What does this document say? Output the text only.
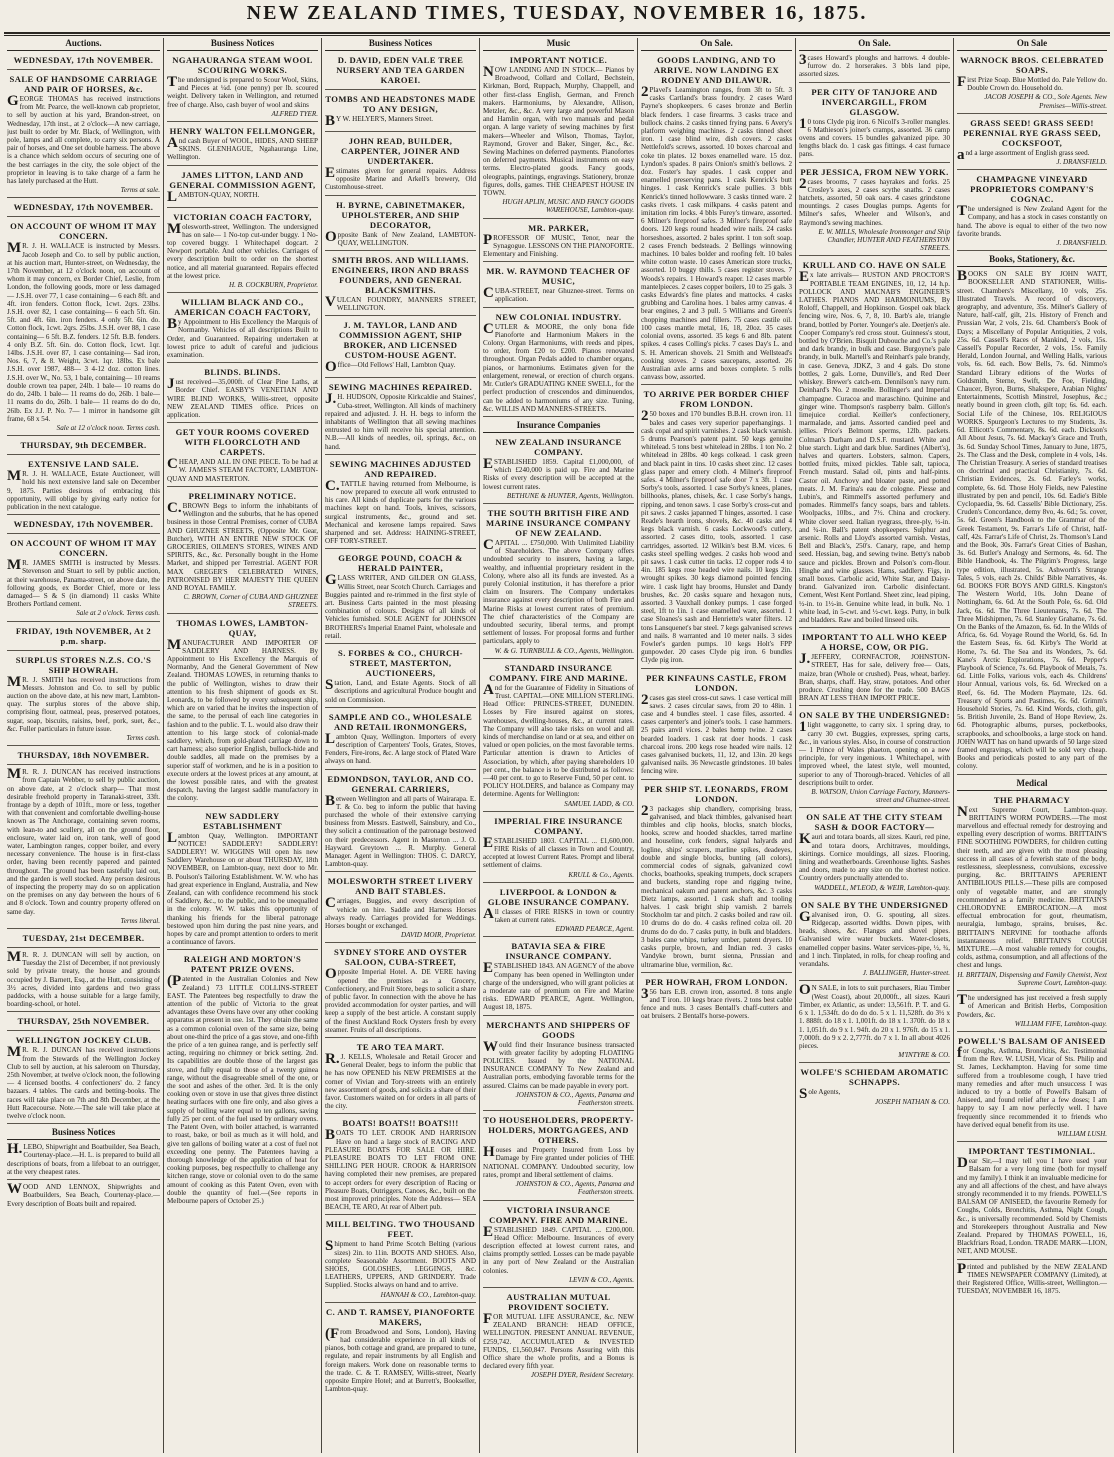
NEW ZEALAND TIMES, TUESDAY, NOVEMBER 16, 1875.
Auctions.
WEDNESDAY, 17th NOVEMBER.
SALE OF HANDSOME CARRIAGE AND PAIR OF HORSES, &c.
GEORGE THOMAS has received instructions from Mr. Pearce, the well-known cab proprietor, to sell by auction at his yard, Brandon-street, on Wednesday, 17th inst., at 2 o'clock—A new carriage, just built to order by Mr. Black, of Wellington, with pole, lamps and all complete, to carry six persons. A pair of horses, and One set double harness. The above is a chance which seldom occurs of securing one of the best carriages in the city, the sole object of the proprietor in leaving is to take charge of a farm he has lately purchased at the Hutt.
Terms at sale.
WEDNESDAY, 17th NOVEMBER.
ON ACCOUNT OF WHOM IT MAY CONCERN.
MR. J. H. WALLACE is instructed by Messrs. Jacob Joseph and Co. to sell by public auction, at his auction mart, Hunter-street, on Wednesday, the 17th November, at 12 o'clock noon, on account of whom it may concern, ex Border Chief, Leslie, from London, the following goods, more or less damaged— J.S.H. over 77, 1 case containing— 6 each 8ft. and 4ft. iron fenders. Cotton flock, 1cwt. 2qrs. 23lbs. J.S.H. over 82, 1 case containing— 6 each 5ft. 6in. 5ft. and 4ft. 6in. iron fenders. 4 only 5ft. 6in. do. Cotton flock, 1cwt. 2qrs. 25lbs. J.S.H. over 88, 1 case containing— 6 5ft. B.Z. fenders. 12 5ft. B.B. fenders. 4 only B.Z. 5ft. 6in. do. Cotton flock, 1cwt. 1qr. 14lbs. J.S.H. over 87, 1 case containing— Sad iron, Nos. 6, 7, & 8. Weight, 3cwt. 1qr. 18lbs. Ex bale J.S.H. over 1987, 488— 3 4-12 doz. cotton lines. J.S.H. over W., No. 53, 1 bale, containing— 10 reams double crown tea paper, 24lb. 1 bale— 10 reams do do do, 24lb. 1 bale— 11 reams do do, 26lb. 1 bale— 11 reams do do, 26lb. 1 bale— 11 reams do do do, 26lb. Ex J.J. P. No. 7— 1 mirror in handsome gilt frame, 68 x 54.
Sale at 12 o'clock noon. Terms cash.
THURSDAY, 9th DECEMBER.
EXTENSIVE LAND SALE.
MR. J. H. WALLACE, Estate Auctioneer, will hold his next extensive land sale on December 9, 1875. Parties desirous of embracing this opportunity, will oblige by giving early notice for publication in the next catalogue.
WEDNESDAY, 17th NOVEMBER.
ON ACCOUNT OF WHOM IT MAY CONCERN.
MR. JAMES SMITH is instructed by Messrs. Stevenson and Stuart to sell by public auction, at their warehouse, Panama-street, on above date, the following goods, ex Border Chief, more or less damaged— S & S (in diamond) 11 casks White Brothers Portland cement.
Sale at 2 o'clock. Terms cash.
FRIDAY, 19th NOVEMBER, At 2 p.m. sharp.
SURPLUS STORES N.Z.S. CO.'S SHIP HOWRAH.
MR. J. SMITH has received instructions from Messrs. Johnston and Co. to sell by public auction on the above date, at his new mart, Lambton-quay. The surplus stores of the above ship, comprising flour, oatmeal, peas, preserved potatoes, sugar, soap, biscuits, raisins, beef, pork, suet, &c., &c. Fuller particulars in future issue.
Terms cash.
THURSDAY, 18th NOVEMBER.
MR. R. J. DUNCAN has received instructions from Captain Webber, to sell by public auction, on above date, at 2 o'clock sharp— That most desirable freehold property in Taranaki-street, 33ft. frontage by a depth of 101ft., more or less, together with that convenient and comfortable dwelling-house known as The Anchorage, containing seven rooms, with lean-to and scullery, all on the ground floor, enclosure, water laid on, iron tank, well of good water, Lambington ranges, copper boiler, and every necessary convenience. The house is in first-class order, having been recently papered and painted throughout. The ground has been tastefully laid out, and the garden is well stocked. Any person desirous of inspecting the property may do so on application on the premises on any day between the hours of 6 and 8 o'clock. Town and country property offered on same day.
Terms liberal.
TUESDAY, 21st DECEMBER.
MR. R. J. DUNCAN will sell by auction, on Tuesday the 21st of December, if not previously sold by private treaty, the house and grounds occupied by J. Barnett, Esq., at the Hutt, consisting of 3½ acres, divided into gardens and two grass paddocks, with a house suitable for a large family, boarding-school, or hotel.
THURSDAY, 25th NOVEMBER.
WELLINGTON JOCKEY CLUB.
MR. R. J. DUNCAN has received instructions from the Stewards of the Wellington Jockey Club to sell by auction, at his saleroom on Thursday, 25th November, at twelve o'clock noon, the following— 4 licensed booths. 4 confectioners' do. 2 fancy bazaars. 4 tables. The cards and betting-books. The races will take place on 7th and 8th December, at the Hutt Racecourse. Note.—The sale will take place at twelve o'clock noon.
Business Notices
H.LEBO, Shipwright and Boatbuilder, Sea Beach, Courtenay-place.—H. L. is prepared to build all descriptions of boats, from a lifeboat to an outrigger, at the very cheapest rates.
WOOD AND LENNOX, Shipwrights and Boatbuilders, Sea Beach, Courtenay-place.—Every description of Boats built and repaired.
Business Notices
NGAHAURANGA STEAM WOOL SCOURING WORKS.
The undersigned is prepared to Scour Wool, Skins, and Pieces at ¼d. (one penny) per lb. scoured weight. Delivery taken in Wellington, and returned free of charge. Also, cash buyer of wool and skins
ALFRED TYER.
HENRY WALTON FELLMONGER,
And cash Buyer of WOOL, HIDES, AND SHEEP SKINS. GLENHAGUE, Ngahauranga Line, Wellington.
JAMES LITTON, LAND AND GENERAL COMMISSION AGENT,
LAMBTON-QUAY, NORTH.
VICTORIAN COACH FACTORY,
Molesworth-street, Wellington. The undersigned has on sale— 1 No-top cut-under buggy. 1 No-top covered buggy. 1 Whitechapel dogcart. 2 Newport portable. And other vehicles. Carriages of every description built to order on the shortest notice, and all material guaranteed. Repairs effected at the lowest price.
H. B. COCKBURN, Proprietor.
WILLIAM BLACK AND CO., AMERICAN COACH FACTORY,
By Appointment to His Excellency the Marquis of Normanby. Vehicles of all descriptions Built to Order, and Guaranteed. Repairing undertaken at lowest price to adult of careful and judicious examination.
BLINDS. BLINDS.
Just received—35,000ft. of Clear Pine Laths, at Border Chief. EASBY'S VENETIAN AND WIRE BLIND WORKS, Willis-street, opposite NEW ZEALAND TIMES office. Prices on application.
GET YOUR ROOMS COVERED WITH FLOORCLOTH AND CARPETS.
CHEAP, AND ALL IN ONE PIECE. To be had at W. JAMES'S STEAM FACTORY, LAMBTON-QUAY AND MASTERTON.
PRELIMINARY NOTICE.
C.BROWN Begs to inform the inhabitants of Wellington and the suburbs, that he has opened business in those Central Premises, corner of CUBA AND GHUZNEE STREETS, (Opposite Mr. Gear, Butcher), WITH AN ENTIRE NEW STOCK OF GROCERIES, OILMEN'S STORES, WINES AND SPIRITS, &c., &c. Personally bought in the Home Market, and shipped per Terrestrial. AGENT FOR MAX GREGER'S CELEBRATED WINES, PATRONISED BY HER MAJESTY THE QUEEN AND ROYAL FAMILY.
C. BROWN, Corner of CUBA AND GHUZNEE STREETS.
THOMAS LOWES, LAMBTON-QUAY,
MANUFACTURER AND IMPORTER OF SADDLERY AND HARNESS. By Appointment to His Excellency the Marquis of Normanby, And the General Government of New Zealand. THOMAS LOWES, in returning thanks to the public of Wellington, wishes to draw their attention to his fresh shipment of goods ex St. Leonards, to be followed by every subsequent ship, which are on varied that he invites the inspection of the same, to the perusal of each line categories in fashion and to the public. T. L. would also draw their attention to his large stock of colonial-made saddlery, which, from gold-plated carriage down to cart harness; also superior English, bullock-hide and double saddles, all made on the premises by a superior staff of workmen, and he is in a position to execute orders at the lowest prices at any amount, at the lowest possible rates, and with the greatest despatch, having the largest saddle manufactory in the colony.
NEW SADDLERY ESTABLISHMENT
Lambton Quay, Wellington. IMPORTANT NOTICE! SADDLERY! SADDLERY! SADDLERY! W. WIGGINS Will open his new Saddlery Warehouse on or about THURSDAY, 18th NOVEMBER, on Lambton-quay, next door to Mr. B. Poulson's Tailoring Establishment. W. W. who has had great experience in England, Australia, and New Zealand, can with confidence recommend his stock of Saddlery, &c., to the public, and to be unequalled in the colony. W. W. takes this opportunity of thanking his friends for the liberal patronage bestowed upon him during the past nine years, and hopes by care and prompt attention to orders to merit a continuance of favors.
RALEIGH AND MORTON'S PATENT PRIZE OVENS.
(Patented in the Australian Colonies and New Zealand.) 73 LITTLE COLLINS-STREET EAST. The Patentees beg respectfully to draw the attention of the public of Victoria to the great advantages these Ovens have over any other cooking apparatus at present in use. 1st. They obtain the same as a common colonial oven of the same size, being about one-third the price of a gas stove, and one-fifth the price of a ten guinea range, and is perfectly self acting, requiring no chimney or brick setting. 2nd. Its capabilities are double those of the largest gas stove, and fully equal to those of a twenty guinea range, without the disagreeable smell of the one, or the soot and ashes of the other. 3rd. It is the only cooking oven or stove in use that gives three distinct heating surfaces with one fire only, and also gives a supply of boiling water equal to ten gallons, saving fully 25 per cent. of the fuel used by ordinary ovens. The Patent Oven, with boiler attached, is warranted to roast, bake, or boil as much as it will hold, and give ten gallons of boiling water at a cost of fuel not exceeding one penny. The Patentees having a thorough knowledge of the application of heat for cooking purposes, beg respectfully to challenge any kitchen range, stove or colonial oven to do the same amount of cooking as this Patent Oven, even with double the quantity of fuel.—(See reports in Melbourne papers of October 25.)
Business Notices
D. DAVID, EDEN VALE TREE NURSERY AND TEA GARDEN KAROEI.
TOMBS AND HEADSTONES MADE TO ANY DESIGN,
BY W. HELYER'S, Manners Street.
JOHN READ, BUILDER, CARPENTER, JOINER AND UNDERTAKER.
Estimates given for general repairs. Address opposite Marine and Arkell's brewery, Old Customhouse-street.
H. BYRNE, CABINETMAKER, UPHOLSTERER, AND SHIP DECORATOR,
Opposite Bank of New Zealand, LAMBTON-QUAY, WELLINGTON.
SMITH BROS. AND WILLIAMS. ENGINEERS, IRON AND BRASS FOUNDERS, AND GENERAL BLACKSMITHS.
VULCAN FOUNDRY, MANNERS STREET, WELLINGTON.
J. M. TAYLOR, LAND AND COMMISSION AGENT, SHIP BROKER, AND LICENSED CUSTOM-HOUSE AGENT.
Office—Old Fellows' Hall, Lambton Quay.
SEWING MACHINES REPAIRED.
J.H. HUDSON, Opposite Kirkcaldie and Staines', Cuba-street, Wellington. All kinds of machinery repaired and adjusted. J. H. H. begs to inform the inhabitants of Wellington that all sewing machines entrusted to him will receive his special attention. N.B.—All kinds of needles, oil, springs, &c., on hand.
SEWING MACHINES ADJUSTED AND REPAIRED.
C.TATTLE having returned from Melbourne, is now prepared to execute all work entrusted to his care. All kinds of duplicate parts for the various machines kept on hand. Tools, knives, scissors, surgical instruments, &c., ground and set. Mechanical and kerosene lamps repaired. Saws sharpened and set. Address: HAINING-STREET, OFF TORY-STREET.
GEORGE POUND, COACH & HERALD PAINTER,
GLASS WRITER, AND GILDER ON GLASS, Willis Street, near Scotch Church. Carriages and Buggies painted and re-trimmed in the first style of art. Business Carts painted in the most pleasing combination of colours. Designs of all kinds of Vehicles furnished. SOLE AGENT for JOHNSON BROTHERS's Imperial Enamel Paint, wholesale and retail.
S. FORBES & CO., CHURCH-STREET, MASTERTON, AUCTIONEERS,
Station, Land, and Estate Agents. Stock of all descriptions and agricultural Produce bought and sold on Commission.
SAMPLE AND CO., WHOLESALE AND RETAIL IRONMONGERS,
Lambton Quay, Wellington. Importers of every description of Carpenters' Tools, Grates, Stoves, Fenders, Fire-irons, &c. A large stock of Plated Ware always on hand.
EDMONDSON, TAYLOR, AND CO. GENERAL CARRIERS,
Between Wellington and all parts of Wairarapa. E. T. & Co. beg to inform the public that having purchased the whole of their extensive carrying business from Messrs. Eastwell, Sainsbury, and Co., they solicit a continuation of the patronage bestowed on their predecessors. Agent in Masterton ... J. O. Hayward. Greytown ... R. Murphy. General Manager. Agent in Wellington: THOS. C. DARCY, Lambton-quay.
MOLESWORTH STREET LIVERY AND BAIT STABLES.
Carriages, Buggies, and every description of vehicle on hire. Saddle and Harness Horses always ready. Carriages provided for Weddings. Horses bought or exchanged.
DAVID MOIR, Proprietor.
SYDNEY STORE AND OYSTER SALOON, CUBA-STREET,
Opposite Imperial Hotel. A. DE VERE having opened the premises as a Grocery, Confectionery, and Fruit Store, begs to solicit a share of public favor. In connection with the above he has provided accommodation for oyster parties, and will keep a supply of the best article. A constant supply of the finest Auckland Rock Oysters fresh by every steamer. Fruits of all descriptions.
TE ARO TEA MART.
R.J. KELLS, Wholesale and Retail Grocer and General Dealer, begs to inform the public that he has now OPENED his NEW PREMISES at the corner of Vivian and Tory-streets with an entirely new assortment of goods, and solicits a share of their favor. Customers waited on for orders in all parts of the city.
BOATS! BOATS!! BOATS!!!
BOATS TO LET. CROOK AND HARRISON Have on hand a large stock of RACING AND PLEASURE BOATS FOR SALE OR HIRE. PLEASURE BOATS TO LET FROM ONE SHILLING PER HOUR. CROOK & HARRISON having completed their new premises, are prepared to accept orders for every description of Racing or Pleasure Boats, Outriggers, Canoes, &c., built on the most improved principles. Note the Address— SEA BEACH, TE ARO, At rear of Albert pub.
MILL BELTING. TWO THOUSAND FEET.
Shipment to hand Prime Scotch Belting (various sizes) 2in. to 11in. BOOTS AND SHOES. Also, complete Seasonable Assortment. BOOTS AND SHOES, GOLOSHES, LEGGINGS, &c. LEATHERS, UPPERS, AND GRINDERY. Trade Supplied. Stocks always on hand and to arrive.
HANNAH & CO., Lambton-quay.
C. AND T. RAMSEY, PIANOFORTE MAKERS,
(From Broadwood and Sons, London), Having had considerable experience in all kinds of pianos, both cottage and grand, are prepared to tune, regulate, and repair instruments by all English and foreign makers. Work done on reasonable terms to the trade. C. & T. RAMSEY, Willis-street, Nearly opposite Empire Hotel; and at Burrett's, Bookseller, Lambton-quay.
Music
IMPORTANT NOTICE.
NOW LANDING AND IN STOCK— Pianos by Broadwood, Collard and Collard, Bechstein, Kirkman, Bord, Ruppach, Murphy, Chappell, and other first-class English, German, and French makers. Harmoniums, by Alexandre, Allison, Metzler, &c., &c. A very large and powerful Mason and Hamlin organ, with two manuals and pedal organ. A large variety of sewing machines by first makers—Wheeler and Wilson, Thomas, Taylor, Raymond, Grover and Baker, Singer, &c., &c. Sewing Machines on deferred payments. Pianofortes on deferred payments. Musical instruments on easy terms. Electro-plated goods. Fancy goods, oleographs, paintings, engravings. Stationery, bronze figures, dolls, games. THE CHEAPEST HOUSE IN TOWN.
HUGH APLIN, MUSIC AND FANCY GOODS WAREHOUSE, Lambton-quay.
MR. PARKER,
PROFESSOR OF MUSIC, Tenor, near the Synagogue. LESSONS ON THE PIANOFORTE. Elementary and Finishing.
MR. W. RAYMOND TEACHER OF MUSIC,
CUBA-STREET, near Ghuznee-street. Terms on application.
NEW COLONIAL INDUSTRY.
CUTLER & MOORE, the only bona fide Pianoforte and Harmonium Makers in the Colony. Organ Harmoniums, with reeds and pipes, to order, from £20 to £200. Pianos renovated throughout. Organ Pedals added to chamber organs, pianos, or harmoniums. Estimates given for the enlargement, renewal, or erection of church organs. Mr. Cutler's GRADUATING KNEE SWELL, for the perfect production of crescendos and diminuendos, can be added to harmoniums of any size. Tuning, &c. WILLIS AND MANNERS-STREETS.
Insurance Companies
NEW ZEALAND INSURANCE COMPANY.
ESTABLISHED 1859. Capital £1,000,000, of which £240,000 is paid up. Fire and Marine Risks of every description will be accepted at the lowest current rates.
BETHUNE & HUNTER, Agents, Wellington.
THE SOUTH BRITISH FIRE AND MARINE INSURANCE COMPANY OF NEW ZEALAND.
CAPITAL ... £750,000. With Unlimited Liability of Shareholders. The above Company offers undoubted security to insurers, having a large, wealthy, and influential proprietary resident in the Colony, where also all its funds are invested. As a purely Colonial institution, it has therefore a prior claim on Insurers. The Company undertakes insurance against every description of both Fire and Marine Risks at lowest current rates of premium. The chief characteristics of the Company are undoubted security, liberal terms, and prompt settlement of losses. For proposal forms and further particulars, apply to
W. & G. TURNBULL & CO., Agents, Wellington.
STANDARD INSURANCE COMPANY. FIRE AND MARINE.
And for the Guarantee of Fidelity in Situations of Trust. CAPITAL—ONE MILLION STERLING. Head Office: PRINCES-STREET, DUNEDIN. Losses by Fire insured against on stores, warehouses, dwelling-houses, &c., at current rates. The Company will also take risks on wool and all kinds of merchandise on land or at sea, and either on valued or open policies, on the most favorable terms. Particular attention is drawn to Articles of Association, by which, after paying shareholders 10 per cent., the balance is to be distributed as follows:—40 per cent. to go to Reserve Fund, 50 per cent. to POLICY HOLDERS, and balance as Company may determine. Agents for Wellington:
SAMUEL LADD, & CO.
IMPERIAL FIRE INSURANCE COMPANY.
ESTABLISHED 1803. CAPITAL ... £1,600,000. FIRE Risks of all classes in Town and Country, accepted at lowest Current Rates. Prompt and liberal settlement of claims.
KRULL & Co., Agents.
LIVERPOOL & LONDON & GLOBE INSURANCE COMPANY.
All classes of FIRE RISKS in town or country taken at current rates.
EDWARD PEARCE, Agent.
BATAVIA SEA & FIRE INSURANCE COMPANY.
ESTABLISHED 1843. AN AGENCY of the above Company has been opened in Wellington under charge of the undersigned, who will grant policies at a moderate rate of premium on Fire and Marine risks. EDWARD PEARCE, Agent. Wellington, August 18, 1875.
MERCHANTS AND SHIPPERS OF GOODS
Would find their Insurance business transacted with greater facility by adopting FLOATING POLICIES. Issued by the NATIONAL INSURANCE COMPANY To New Zealand and Australian ports, embodying favorable terms for the assured. Claims can be made payable in every port.
JOHNSTON & CO., Agents, Panama and Featherston streets.
TO HOUSEHOLDERS, PROPERTY-HOLDERS, MORTGAGEES, AND OTHERS.
Houses and Property Insured from Loss by Damage by Fire granted under policies of THE NATIONAL COMPANY. Undoubted security, low rates, prompt and liberal settlement of claims.
JOHNSTON & CO., Agents, Panama and Featherston streets.
VICTORIA INSURANCE COMPANY. FIRE AND MARINE.
ESTABLISHED 1849. CAPITAL ... £200,000. Head Office: Melbourne. Insurances of every description effected at lowest current rates, and claims promptly settled. Losses can be made payable in any port of New Zealand or the Australian colonies.
LEVIN & CO., Agents.
AUSTRALIAN MUTUAL PROVIDENT SOCIETY.
FOR MUTUAL LIFE ASSURANCE, &c. NEW ZEALAND BRANCH: HEAD OFFICE, WELLINGTON. PRESENT ANNUAL REVENUE, £259,742. ACCUMULATED & INVESTED FUNDS, £1,560,847. Persons Assuring with this Office share the whole profits, and a Bonus is declared every fifth year.
JOSEPH DYER, Resident Secretary.
On Sale.
GOODS LANDING, AND TO ARRIVE. NOW LANDING EX RODNEY AND DILAWUR.
2Plavel's Leamington ranges, from 3ft to 5ft. 3 casks Cartland's brass foundry. 2 cases Ward Payne's shopkeepers. 6 cases bronze and Berlin black fenders. 1 case firearms. 3 casks trace and bullock chains. 2 casks tinned frying pans. 6 Avery's platform weighing machines. 2 casks tinned sheet iron. 1 case blind wire, dish covers. 2 casks Nettlefold's screws, assorted. 10 boxes charcoal and coke tin plates. 12 boxes enamelled ware. 15 doz. Lyndon's spades. 8 pairs Onion's smith's bellows. 2 doz. Foster's hay spades. 1 cask copper and enamelled preserving pans. 1 cask Kenrick's butt hinges. 1 cask Kenrick's scale pullies. 3 bbls Kenrick's tinned hollowware. 3 casks tinned ware. 2 casks rivets. 1 cask milkpans. 4 casks patent and imitation rim locks. 4 bbls Furey's tinware, assorted. 6 Milner's fireproof safes. 3 Milner's fireproof safe doors. 120 kegs round headed wire nails. 24 casks horseshoes, assorted. 2 bales sprint. 1 ton soft soap. 2 cases French bedsteads. 2 Bellings winnowing machines. 10 bales bolder and roofing felt. 10 bales white cotton waste. 10 cases American store trucks, assorted. 10 buggy thills. 5 cases register stoves. 7 Woods's repairs. 1 Howard's reaper. 12 cases marble mantelpieces. 2 cases copper boilers, 10 to 25 gals. 3 casks Edwards's fine plates and mattocks. 4 casks grubbing and Carolina hoes. 1 bales army canvas. 4 bear engines, 2 and 3 pull. 5 Williams and Green's chopping machines and fillers. 75 cases castile oil. 100 cases mantle metal, 16, 18, 20oz. 35 cases colonial ovens, assorted. 35 kegs 6 and 8lb. patent spikes. 4 cases Colling's picks. 7 cases Day's L. and S. H. American shovels. 21 Smith and Wellstead's cooking stoves. 2 cases saucepans, assorted. 26 Australian axle arms and boxes complete. 5 rolls canvass bow, assorted.
TO ARRIVE PER BORDER CHIEF FROM LONDON.
250 boxes and 170 bundles B.B.H. crown iron. 11 bales and cases very superior paperhangings. 1 cask copal and spirit varnishes. 2 cask black varnish. 5 drums Pearson's patent paint. 50 kegs genuine whitelead. 5 tons best whitelead in 28lbs. 1 ton No. 2 whitelead in 28lbs. 40 kegs colkead. 1 cask green and black paint in tins. 10 casks sheet zinc. 12 cases glass paper and emery cloth. 4 Milner's fireproof safes. 4 Milner's fireproof safe door 7 x 3ft. 1 case Sorby's tools, assorted. 1 case Sorby's knees, planes, billhooks, planes, chisels, &c. 1 case Sorby's hangs, ripping, and tenon saws. 1 case Sorby's cross-cut and pit saws. 2 casks japanned T hinges, assorted. 1 case Reade's hearth irons, shovels, &c. 40 casks and 4 kegs black varnish. 6 casks Lockwood's cutlery, assorted. 2 cases ditto, tools, assorted. 1 case cartridges, assorted. 12 Wilkin's best B.M. vices. 6 casks steel spelling wedges. 2 casks hob wood and pit saws. 1 cask cutter tin tacks. 12 copper rods 4 to 4in. 185 kegs rose headed wire nails. 10 kegs 2in. wrought spikes. 30 kegs diamond pointed fencing wire. 1 cask light hay brooms, Hunslet and Dandy brushes, &c. 20 casks square and hexagon nuts, assorted. 3 Vauxhall donkey pumps. 1 case forged steel, 1ft to 1in. 1 case enamelled ware, assorted. 1 case Sloanes's sash and Henriette's water filters. 12 tons Lansquenet's bar steel. 7 kegs galvanised screws and nails. 8 warranted and 10 meter nails. 3 sides Fowler's garden pumps. 10 kegs Holt's FPP gunpowder. 20 cases Clyde pig iron. 6 bundles Clyde pig iron.
PER KINFAUNS CASTLE, FROM LONDON.
2cases gas steel cross-cut saws. 1 case vertical mill saws. 2 cases circular saws, from 20 to 48in. 1 case and 4 bundles steel. 1 case files, assorted. 4 cases carpenter's and joiner's tools. 1 case hammers. 25 pairs anvil vices. 2 bales hemp twine. 2 cases bearded loaders. 1 cask rat doer hoods. 1 cask charcoal irons. 200 kegs rose headed wire nails. 12 cases galvanised buckets, 11, 12, and 13in. 20 kegs galvanised nails. 36 Newcastle grindstones. 10 bales fencing wire.
PER SHIP ST. LEONARDS, FROM LONDON.
23 packages ship chandlery, comprising brass, galvanised, and black thimbles, galvanised heart thimbles and clip hooks, blocks, snatch blocks, hooks, screw and hooded shackles, tarred marline and houseline, cork fenders, signal halyards and logline, ships' scrapers, marline spikes, deadeyes, double and single blocks, bunting (all colors), commercial codes of signals, galvanized cowl chocks, boathooks, speaking trumpets, dock scrapers and buckets, standing rope and rigging twine, mechanical oakum and patent anchors, &c. 3 casks Dietz lamps, assorted. 1 cask shaft and tooling halves. 1 cask bright ship varnish. 2 barrels Stockholm tar and pitch. 2 casks boiled and raw oil. 10 drums do do do. 4 casks refined colza oil. 20 drums do do do. 7 casks putty, in bulk and bladders. 3 bales cane whips, turkey umber, patent dryers. 10 casks purple, brown, and Indian red. 3 casks Vandyke brown, burnt sienna, Prussian and ultramarine blue, vermilion, &c.
PER HOWRAH, FROM LONDON.
356 bars E.B. crown iron, assorted. 8 tons angle and T iron. 10 kegs brace rivets. 2 tons best cable fence and nuts. 3 cases Bentall's chaff-cutters and oat bruisers. 2 Bentall's horse-powers.
On Sale.
3cases Howard's ploughs and harrows. 4 double-furrow do. 2 horserakes. 3 bbls land pipe, assorted sizes.
PER CITY OF TANJORE AND INVERCARGILL, FROM GLASGOW.
10 tons Clyde pig iron. 6 Nicoll's 3-roller mangles. 6 Mathieson's joiner's cramps, assorted. 36 camp ovens and covers. 15 bundles galvanized pipe. 30 lengths black do. 1 cask gas fittings. 4 cast furnace pans.
PER JESSICA, FROM NEW YORK.
2cases brooms, 7 cases hayrakes and forks. 25 Crosley's axes, 2 cases scythe snaths. 2 cases hatchets, assorted, 50 oak oars. 4 cases grindstone mountings. 2 cases Douglas pumps. Agents for Milner's safes, Wheeler and Wilson's, and Raymond's sewing machines.
E. W. MILLS, Wholesale Ironmonger and Ship Chandler, HUNTER AND FEATHERSTON STREETS.
KRULL AND CO. HAVE ON SALE
Ex late arrivals— RUSTON AND PROCTOR'S PORTABLE TEAM ENGINES, 10, 12, 14 h.p. POLLOCK AND MACNAB'S ENGINEER'S LATHES. PIANOS AND HARMONIUMS, By Roloff, Chappell, and Hopkinson. Gospel oak black fencing wire, Nos. 6, 7, 8, 10. Barb's ale, triangle brand, bottled by Porter. Younger's ale. Deetjen's ale. Cooper Company's red cross stout. Guinness's stout, bottled by O'Brien. Bisquit Dubouche and Co.'s pale and dark brandy, in bulk and case. Burgoyne's pale brandy, in bulk. Martell's and Reinhart's pale brandy, in case. Geneva, JDKZ, 3 and 4 gals. Do stone bottles, 2 gals. Lorne, Dunville's, and Red Deer whiskey. Brewer's catch-em. Dennilson's navy rum. Deinhard's No. 2 moselle. Bollinger's and Imperial champagne. Curacoa and maraschino. Quinine and ginger wine. Thompson's raspberry balm. Gillon's limejuice cordial. Keiller's confectionery, marmalade, and jams. Assorted candied peel and jellies. Price's Belmont sperms, 12lb. packets. Colman's Durham and D.S.F. mustard. White and blue starch. Light and dark blue. Sardines (Albert's), halves and quarters. Lobsters, salmon. Capers, bottled fruits, mixed pickles. Table salt, tapioca, French mustard. Salad oil, pints and half-pints. Castor oil. Anchovy and bloater paste, and potted meats. J. M. Farina's eau de cologne. Piesse and Lubin's, and Rimmell's assorted perfumery and pomades. Rimmell's fancy soaps, bars and tablets. Woolpacks, 10lbs., and 7½. China and crockery. White clover seed. Italian ryegrass, three-ply, ½-in. and ¾-in. Ball's patent shopkeepers. Sulphur and arsenic. Rolls and Lloyd's assorted varnish. Vestas, Bell and Black's, 250's. Canary, rape, and hemp seed. Hessian, bag, and sewing twine. Betty's nabob sauce and pickles. Brown and Polson's corn-flour. Hinghe and wine glasses. Hams, saddlery. Figs, in small boxes. Carbolic acid, White Star, and Daisy-brand. Galvanized iron. Carbolic disinfectant. Cement, West Kent Portland. Sheet zinc, lead piping, ½-in. to 1½-in. Genuine white lead, in bulk. No. 1 white lead, in 5-cwt. and ½-cwt. kegs. Putty, in bulk and bladders. Raw and boiled linseed oils.
IMPORTANT TO ALL WHO KEEP A HORSE, COW, OR PIG.
J.JEFFERY, CORNFACTOR, JOHNSTON-STREET, Has for sale, delivery free— Oats, maize, bran (Whole or crushed). Peas, wheat, barley. Bran, sharps, chaff. Hay, straw, potatoes. And other produce. Crushing done for the trade. 500 BAGS BRAN AT LESS THAN IMPORT PRICE.
ON SALE BY THE UNDERSIGNED:
1light waggonette, to carry six. 1 spring dray, to carry 30 cwt. Buggies, expresses, spring carts, &c., in various styles. Also, in course of construction— 1 Prince of Wales phaeton, opening on a new principle, for very ingenious. 1 Whitechapel, with improved wheel, the latest style, well mounted, superior to any of Thorough-braced. Vehicles of all descriptions built to order.
B. WATSON, Union Carriage Factory, Manners-street and Ghuznee-street.
ON SALE AT THE CITY STEAM SASH & DOOR FACTORY—
Kauri and totara boards, all sizes. Kauri, red pine, and totara doors, Architraves, mouldings, skirtings. Cornice mouldings, all sizes. Flooring, lining and weatherboards. Greenhouse lights. Sashes and doors, made to any size on the shortest notice. Country orders punctually attended to.
WADDELL, M'LEOD, & WEIR, Lambton-quay.
ON SALE BY THE UNDERSIGNED
Galvanised iron, O. G. spouting, all sizes. Ridgecap, assorted widths. Down pipes, with heads, shoes, &c. Flanges and shovel pipes. Galvanised wire water buckets. Water-closets, enamelled copper basins. Water services-pipe, ½, ¾, and 1 inch. Tinplated, in rolls, for cheap roofing and verandahs.
J. BALLINGER, Hunter-street.
ON SALE, in lots to suit purchasers, Riau Timber (West Coast), about 20,000ft., all sizes. Kauri Timber, ex Atlantic, as under: 13,561ft. P. T. and G. 6 x 1. 1,534ft. do do do do. 5 x 1. 11,528ft. do 3½ x 1. 888ft. do 18 x 1. 1,001ft. do 18 x 1. 370ft. do 18 x 1. 1,051ft. do 9 x 1. 94ft. do 20 x 1. 976ft. do 15 x 1. 7,000ft. do 9 x 2. 2,777ft. do 7 x 1. In all about 4026 pieces.
M'INTYRE & CO.
WOLFE'S SCHIEDAM AROMATIC SCHNAPPS.
Sole Agents,
JOSEPH NATHAN & CO.
On Sale
WARNOCK BROS. CELEBRATED SOAPS.
First Prize Soap. Blue Mottled do. Pale Yellow do. Double Crown do. Household do.
JACOB JOSEPH & CO., Sole Agents. New Premises—Willis-street.
GRASS SEED! GRASS SEED! PERENNIAL RYE GRASS SEED, COCKSFOOT,
and a large assortment of English grass seed.
J. DRANSFIELD.
CHAMPAGNE VINEYARD PROPRIETORS COMPANY'S COGNAC.
The undersigned is New Zealand Agent for the Company, and has a stock in cases constantly on hand. The above is equal to either of the two now favorite brands.
J. DRANSFIELD.
Books, Stationery, &c.
BOOKS ON SALE BY JOHN WATT, BOOKSELLER AND STATIONER, Willis-street. Chambers's Miscellany, 10 vols, 25s. Illustrated Travels. A record of discovery, geography, and adventure, 35s. Milner's Gallery of Nature, half-calf, gilt, 21s. History of French and Prussian War, 2 vols, 21s. 6d. Chambers's Book of Days; a Miscellany of Popular Antiquities, 2 vols, 25s. 6d. Cassell's Races of Mankind, 2 vols, 15s. Cassell's Popular Recorder, 2 vols, 15s. Family Herald, London Journal, and Welling Halls, various vols, 6s. 6d. each. Bow Bells, 7s. 6d. Nimmo's Standard Library editions of the Works of Goldsmith, Sterne, Swift, De Foe, Fielding, Chaucer, Byron, Burns, Shakspere, Arabian Nights' Entertainments, Scottish Minstrel, Josephus, &c.; neatly bound in green cloth, gilt top; 6s. 6d. each. Social Life of the Chinese, 10s. RELIGIOUS WORKS. Spurgeon's Lectures to my Students, 3s. 6d. Ellicott's Commentary, 8s. 6d. each. Dickson's All About Jesus, 7s. 6d. Mackay's Grace and Truth, 3s. 6d. Sunday School Times, January to June, 1875, 2s. The Class and the Desk, complete in 4 vols, 14s. The Christian Treasury. A series of standard treatises on doctrinal and practical Christianity, 7s. 6d. Christian Evidences, 2s. 6d. Farley's works, complete, 6s. 6d. Those Holy Fields, new Palestine illustrated by pen and pencil, 10s. 6d. Eadie's Bible Cyclopaedia, 9s. 6d. Cassells' Bible Dictionary, 25s. Cruden's Concordance, demy 8vo, 4s. 6d.; 5s. cover, 5s. 6d. Green's Handbook to the Grammar of the Greek Testament, 9s. Farrar's Life of Christ, half-calf, 42s. Farrar's Life of Christ, 2s. Thomson's Land and the Book, 30s. Farrar's Great Cities of Bashan, 3s. 6d. Butler's Analogy and Sermons, 4s. 6d. The Bible Handbook, 4s. The Pilgrim's Progress, large type edition, illustrated, 5s. Ashworth's Strange Tales, 5 vols, each 2s. Childs' Bible Narratives, 4s. 6d. BOOKS FOR BOYS AND GIRLS. Kingston's The Western World, 10s. John Deane of Nottingham, 6s. 6d. At the South Pole, 6s. 6d. Old Jack, 6s. 6d. The Three Lieutenants, 7s. 6d. The Three Midshipmen, 7s. 6d. Stanley Grahame, 7s. 6d. On the Banks of the Amazon, 6s. 6d. In the Wilds of Africa, 6s. 6d. Voyage Round the World, 6s. 6d. In the Eastern Seas, 6s. 6d. Kirby's The World at Home, 7s. 6d. The Sea and its Wonders, 7s. 6d. Kane's Arctic Explorations, 7s. 6d. Pepper's Playbook of Science, 7s. 6d. Playbook of Metals, 7s. 6d. Little Folks, various vols, each 4s. Childrens' Hour Annual, various vols, 6s. 6d. Wrecked on a Reef, 6s. 6d. The Modern Playmate, 12s. 6d. Treasury of Sports and Pastimes, 6s. 6d. Grimm's Household Stories, 7s. 6d. Kind Words, cloth, gilt, 5s. British Juvenile, 2s. Band of Hope Review, 2s. 6d. Photographic albums, purses, pocketbooks, scrapbooks, and schoolbooks, a large stock on hand. JOHN WATT has on hand upwards of 50 large sized framed engravings, which will be sold very cheap. Books and periodicals posted to any part of the colony.
Medical
THE PHARMACY
Next Supreme Court, Lambton-quay. BRITTAIN'S WORM POWDERS.—The most marvellous and effectual remedy for destroying and expelling every description of worms. BRITTAIN'S FINE SOOTHING POWDERS, for children cutting their teeth, and are given with the most pleasing success in all cases of a feverish state of the body, restlessness, sleeplessness, convulsions, excessive purging, &c. BRITTAIN'S APERIENT ANTIBILIOUS PILLS.—These pills are composed only of vegetable matter, and are strongly recommended as a family medicine. BRITTAIN'S CHLORODYNE EMBROCATION.—A most effectual embrocation for gout, rheumatism, neuralgia, lumbago, sprains, bruises, &c. BRITTAIN'S NERVINE for toothache affords instantaneous relief. BRITTAIN'S COUGH MIXTURE.—A most valuable remedy for coughs, colds, asthma, consumption, and all affections of the chest and lungs.
H. BRITTAIN, Dispensing and Family Chemist, Next Supreme Court, Lambton-quay.
The undersigned has just received a fresh supply of American and British Herbs, Composition Powders, &c.
WILLIAM FIFE, Lambton-quay.
POWELL'S BALSAM OF ANISEED
for Coughs, Asthma, Bronchitis, &c. Testimonial from the Rev. W. LUSH, Vicar of Sts. Philip and St. James, Leckhampton. Having for some time suffered from a troublesome cough, I have tried many remedies and after much unsuccess I was induced to try a bottle of Powell's Balsam of Aniseed, and found relief after a few doses; I am happy to say I am now perfectly well. I have frequently since recommended it to friends who have derived equal benefit from its use.
WILLIAM LUSH.
IMPORTANT TESTIMONIAL.
Dear Sir,—I may tell you I have used your Balsam for a very long time (both for myself and my family). I think it an invaluable medicine for any and all affections of the chest, and have always strongly recommended it to my friends. POWELL'S BALSAM OF ANISEED, the favourite Remedy for Coughs, Colds, Bronchitis, Asthma, Night Cough, &c., is universally recommended. Sold by Chemists and Storekeepers throughout Australia and New Zealand. Prepared by THOMAS POWELL, 16, Blackfriars Road, London. TRADE MARK—LION, NET, AND MOUSE.
Printed and published by the NEW ZEALAND TIMES NEWSPAPER COMPANY (Limited), at their Registered Office, Willis-street, Wellington.—TUESDAY, NOVEMBER 16, 1875.
